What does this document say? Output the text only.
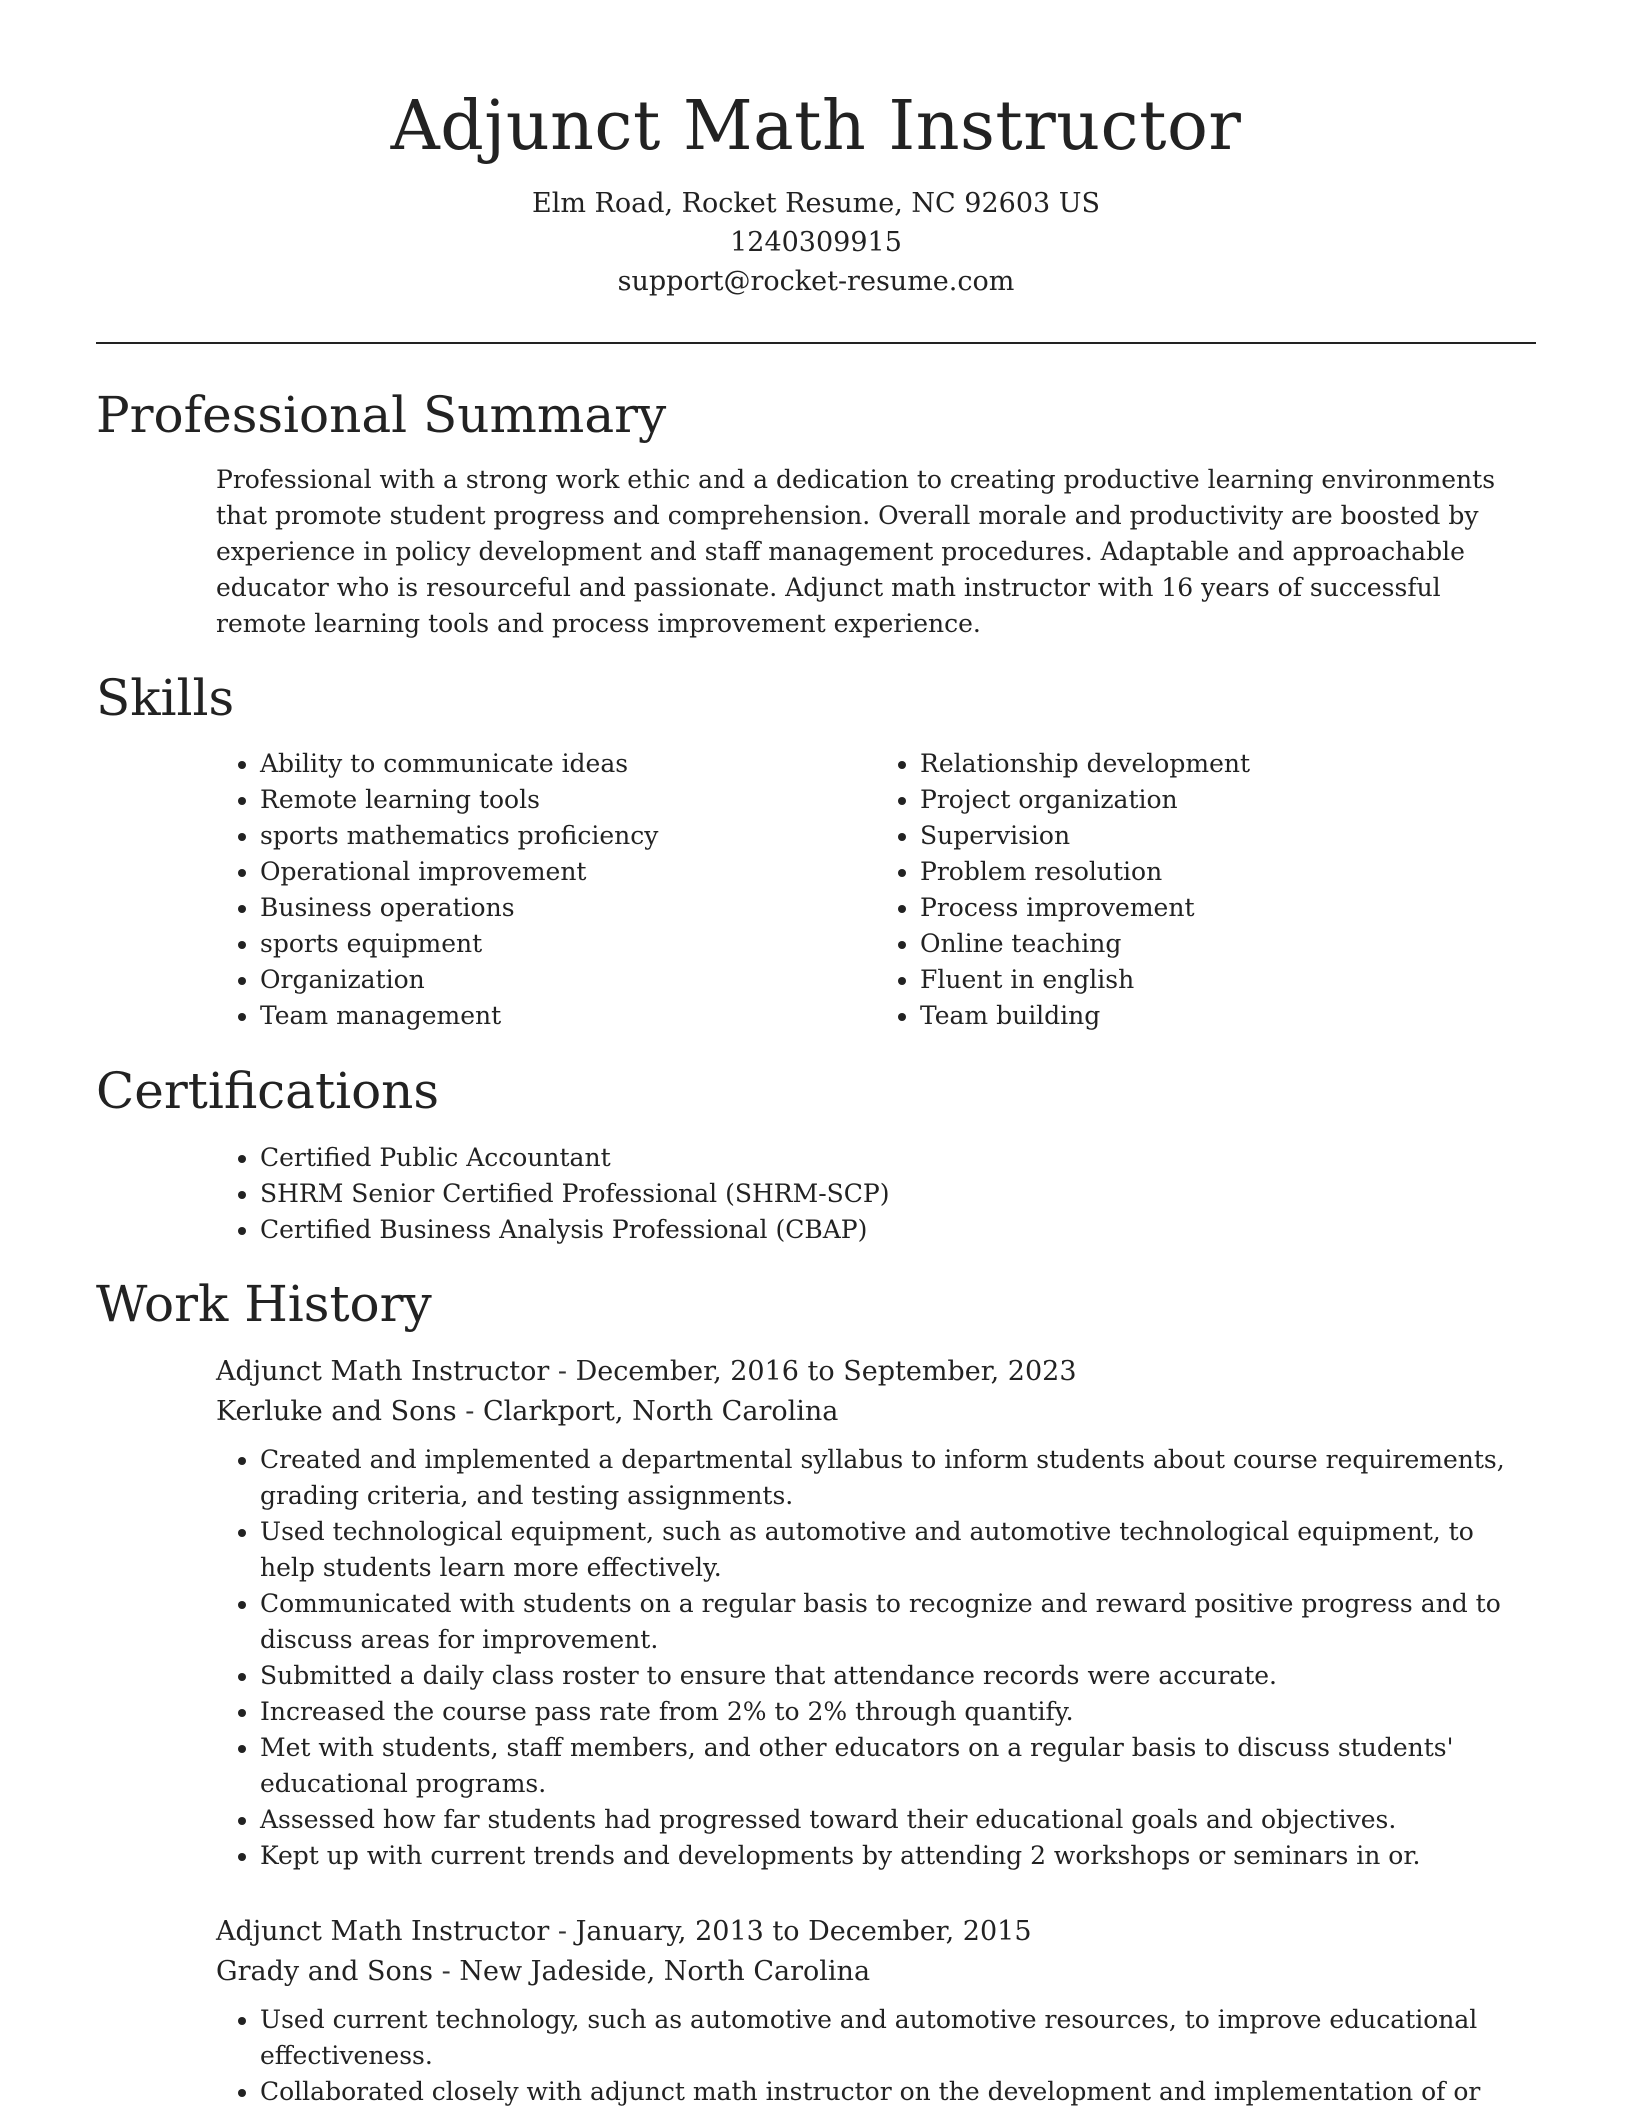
Adjunct Math Instructor
Elm Road, Rocket Resume, NC 92603 US
1240309915
support@rocket-resume.com
Professional Summary

Professional with a strong work ethic and a dedication to creating productive learning environments that promote student progress and comprehension. Overall morale and productivity are boosted by experience in policy development and staff management procedures. Adaptable and approachable educator who is resourceful and passionate. Adjunct math instructor with 16 years of successful remote learning tools and process improvement experience.

Skills
• Ability to communicate ideas
• Remote learning tools
• sports mathematics proficiency
• Operational improvement
• Business operations
• sports equipment
• Organization
• Team management
• Relationship development
• Project organization
• Supervision
• Problem resolution
• Process improvement
• Online teaching
• Fluent in english
• Team building
Certifications
• Certified Public Accountant
• SHRM Senior Certified Professional (SHRM-SCP)
• Certified Business Analysis Professional (CBAP)
Work History
Adjunct Math Instructor - December, 2016 to September, 2023
Kerluke and Sons - Clarkport, North Carolina
• Created and implemented a departmental syllabus to inform students about course requirements, grading criteria, and testing assignments.
• Used technological equipment, such as automotive and automotive technological equipment, to help students learn more effectively.
• Communicated with students on a regular basis to recognize and reward positive progress and to discuss areas for improvement.
• Submitted a daily class roster to ensure that attendance records were accurate.
• Increased the course pass rate from 2% to 2% through quantify.
• Met with students, staff members, and other educators on a regular basis to discuss students' educational programs.
• Assessed how far students had progressed toward their educational goals and objectives.
• Kept up with current trends and developments by attending 2 workshops or seminars in or.
Adjunct Math Instructor - January, 2013 to December, 2015
Grady and Sons - New Jadeside, North Carolina
• Used current technology, such as automotive and automotive resources, to improve educational effectiveness.
• Collaborated closely with adjunct math instructor on the development and implementation of or
